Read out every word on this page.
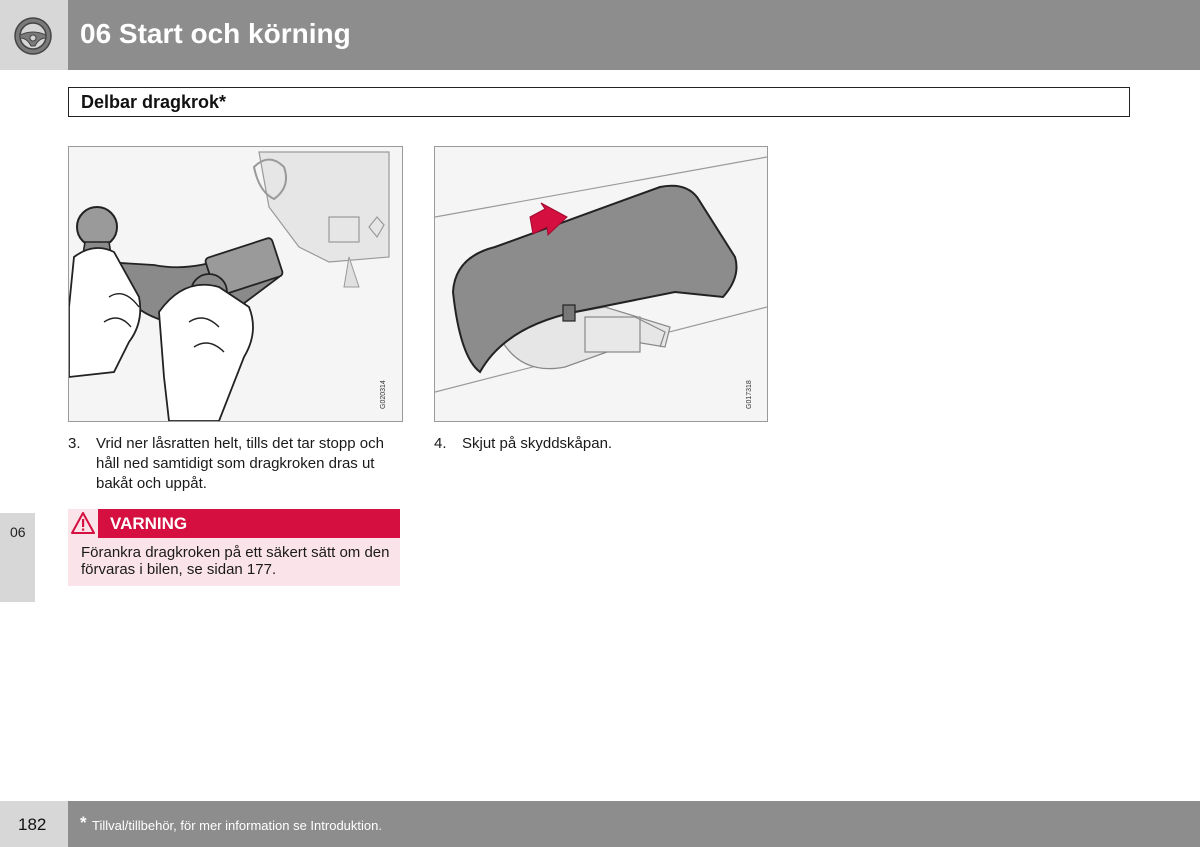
06 Start och körning
Delbar dragkrok*
G020314	G017318
3. Vrid ner låsratten helt, tills det tar stopp och håll ned samtidigt som dragkroken dras ut bakåt och uppåt.
4. Skjut på skyddskåpan.
VARNING
Förankra dragkroken på ett säkert sätt om den förvaras i bilen, se sidan 177.
06
182 * Tillval/tillbehör, för mer information se Introduktion.
